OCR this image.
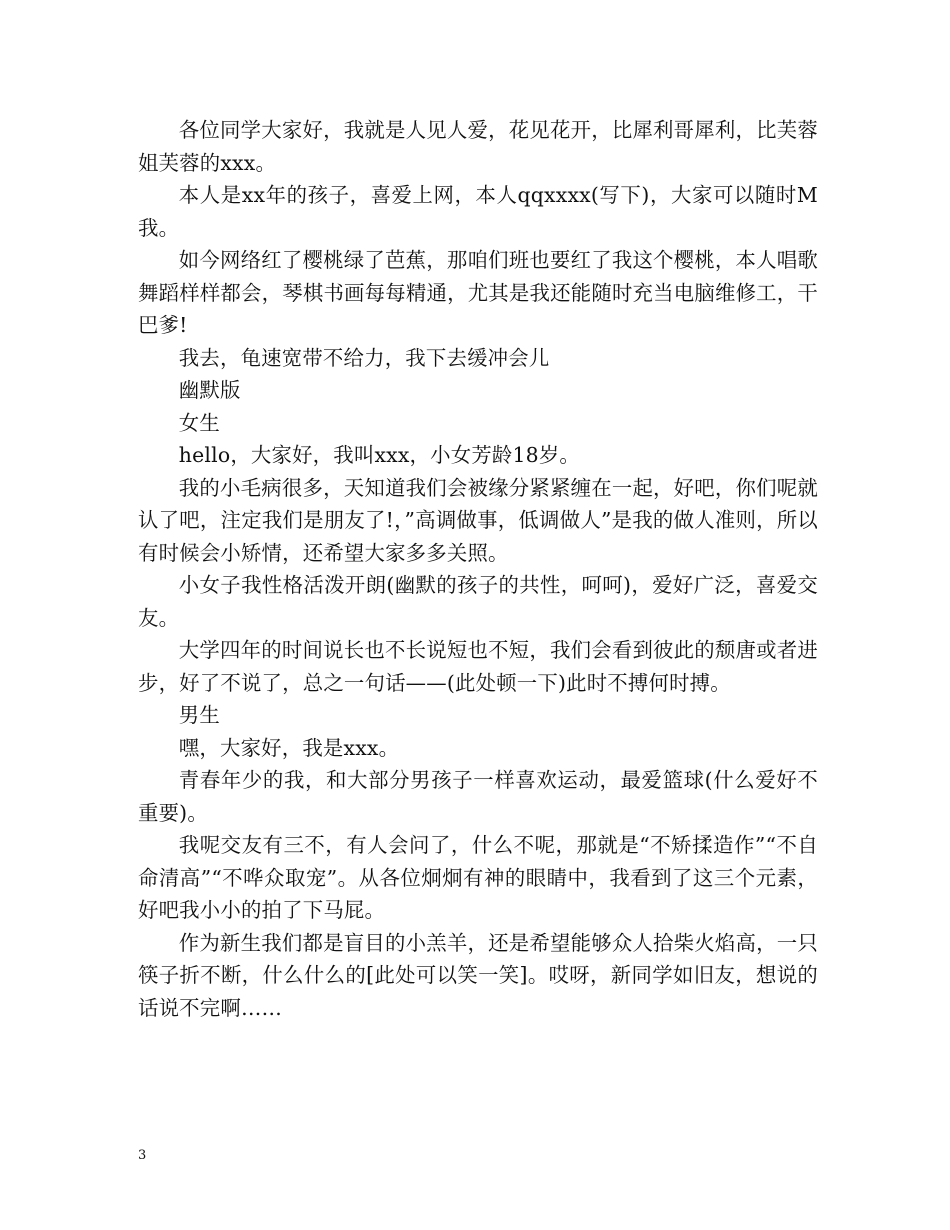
各位同学大家好，我就是人见人爱，花见花开，比犀利哥犀利，比芙蓉姐芙蓉的xxx。

本人是xx年的孩子，喜爱上网，本人qqxxxx(写下)，大家可以随时M我。

如今网络红了樱桃绿了芭蕉，那咱们班也要红了我这个樱桃，本人唱歌舞蹈样样都会，琴棋书画每每精通，尤其是我还能随时充当电脑维修工，干巴爹!

我去，龟速宽带不给力，我下去缓冲会儿

幽默版

女生

hello，大家好，我叫xxx，小女芳龄18岁。

我的小毛病很多，天知道我们会被缘分紧紧缠在一起，好吧，你们呢就认了吧，注定我们是朋友了!，”高调做事，低调做人”是我的做人准则，所以有时候会小矫情，还希望大家多多关照。

小女子我性格活泼开朗(幽默的孩子的共性，呵呵)，爱好广泛，喜爱交友。

大学四年的时间说长也不长说短也不短，我们会看到彼此的颓唐或者进步，好了不说了，总之一句话——(此处顿一下)此时不搏何时搏。

男生

嘿，大家好，我是xxx。

青春年少的我，和大部分男孩子一样喜欢运动，最爱篮球(什么爱好不重要)。

我呢交友有三不，有人会问了，什么不呢，那就是“不矫揉造作”“不自命清高”“不哗众取宠”。从各位炯炯有神的眼睛中，我看到了这三个元素，好吧我小小的拍了下马屁。

作为新生我们都是盲目的小羔羊，还是希望能够众人拾柴火焰高，一只筷子折不断，什么什么的[此处可以笑一笑]。哎呀，新同学如旧友，想说的话说不完啊……

3
